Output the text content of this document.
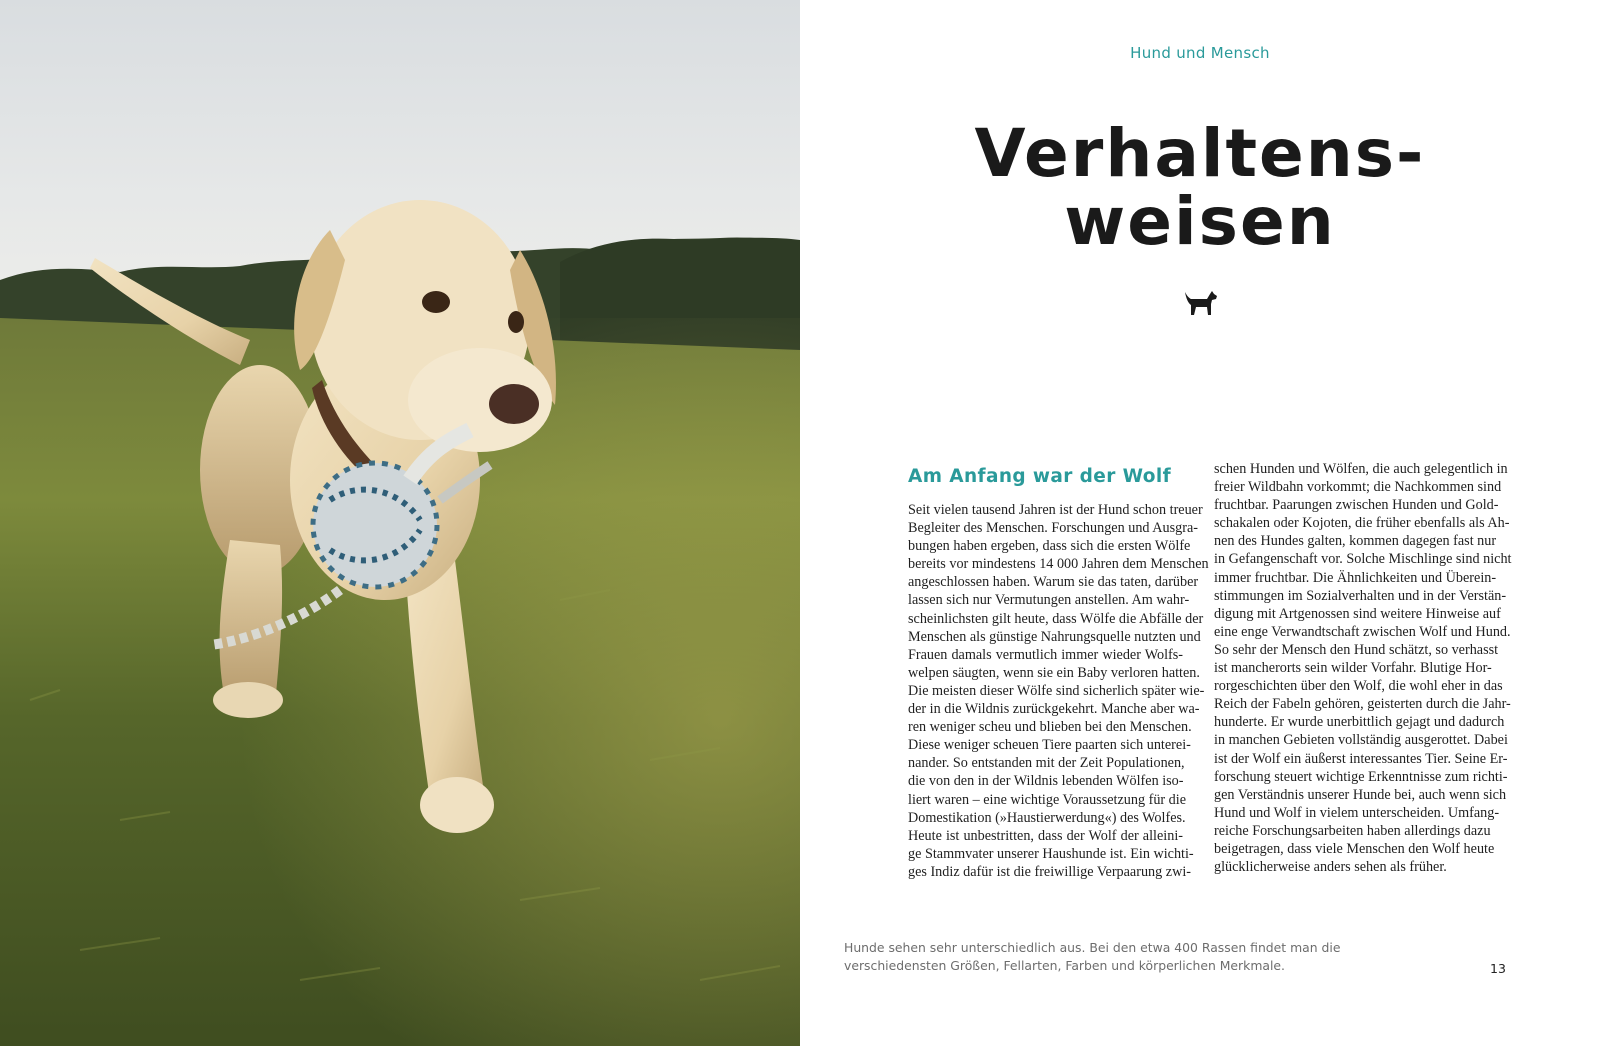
Hund und Mensch
Verhaltens-
weisen
Am Anfang war der Wolf

Seit vielen tausend Jahren ist der Hund schon treuer
Begleiter des Menschen. Forschungen und Ausgra-
bungen haben ergeben, dass sich die ersten Wölfe
bereits vor mindestens 14 000 Jahren dem Menschen
angeschlossen haben. Warum sie das taten, darüber
lassen sich nur Vermutungen anstellen. Am wahr-
scheinlichsten gilt heute, dass Wölfe die Abfälle der
Menschen als günstige Nahrungsquelle nutzten und
Frauen damals vermutlich immer wieder Wolfs-
welpen säugten, wenn sie ein Baby verloren hatten.
Die meisten dieser Wölfe sind sicherlich später wie-
der in die Wildnis zurückgekehrt. Manche aber wa-
ren weniger scheu und blieben bei den Menschen.
Diese weniger scheuen Tiere paarten sich unterei-
nander. So entstanden mit der Zeit Populationen,
die von den in der Wildnis lebenden Wölfen iso-
liert waren – eine wichtige Voraussetzung für die
Domestikation (»Haustierwerdung«) des Wolfes.
Heute ist unbestritten, dass der Wolf der alleini-
ge Stammvater unserer Haushunde ist. Ein wichti-
ges Indiz dafür ist die freiwillige Verpaarung zwi-

schen Hunden und Wölfen, die auch gelegentlich in
freier Wildbahn vorkommt; die Nachkommen sind
fruchtbar. Paarungen zwischen Hunden und Gold-
schakalen oder Kojoten, die früher ebenfalls als Ah-
nen des Hundes galten, kommen dagegen fast nur
in Gefangenschaft vor. Solche Mischlinge sind nicht
immer fruchtbar. Die Ähnlichkeiten und Überein-
stimmungen im Sozialverhalten und in der Verstän-
digung mit Artgenossen sind weitere Hinweise auf
eine enge Verwandtschaft zwischen Wolf und Hund.
So sehr der Mensch den Hund schätzt, so verhasst
ist mancherorts sein wilder Vorfahr. Blutige Hor-
rorgeschichten über den Wolf, die wohl eher in das
Reich der Fabeln gehören, geisterten durch die Jahr-
hunderte. Er wurde unerbittlich gejagt und dadurch
in manchen Gebieten vollständig ausgerottet. Dabei
ist der Wolf ein äußerst interessantes Tier. Seine Er-
forschung steuert wichtige Erkenntnisse zum richti-
gen Verständnis unserer Hunde bei, auch wenn sich
Hund und Wolf in vielem unterscheiden. Umfang-
reiche Forschungsarbeiten haben allerdings dazu
beigetragen, dass viele Menschen den Wolf heute
glücklicherweise anders sehen als früher.

Hunde sehen sehr unterschiedlich aus. Bei den etwa 400 Rassen findet man die
verschiedensten Größen, Fellarten, Farben und körperlichen Merkmale.	13
